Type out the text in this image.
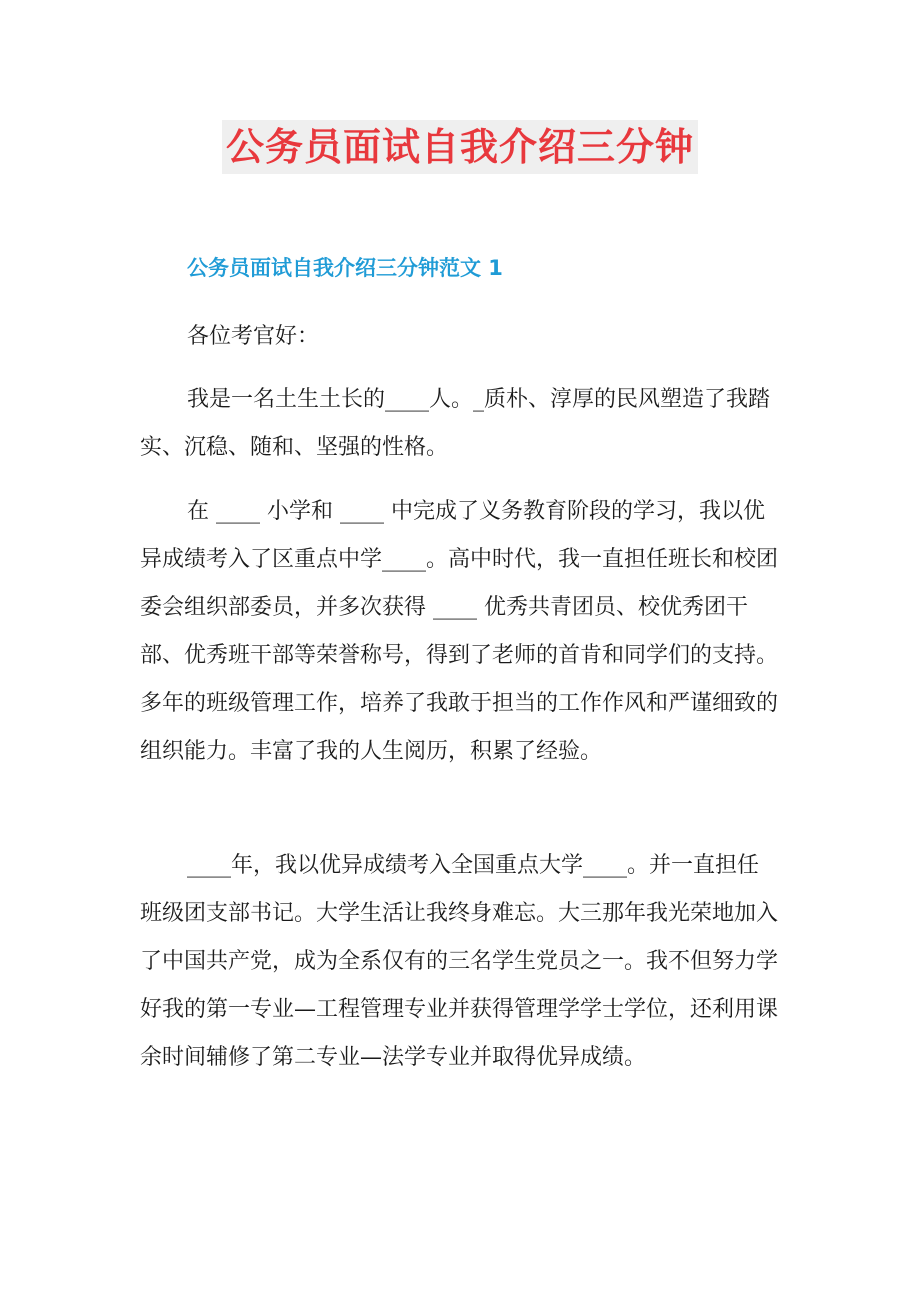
公务员面试自我介绍三分钟
公务员面试自我介绍三分钟范文 1

各位考官好：

我是一名土生土长的____人。_质朴、淳厚的民风塑造了我踏实、沉稳、随和、坚强的性格。

在 ____ 小学和 ____ 中完成了义务教育阶段的学习，我以优异成绩考入了区重点中学____。高中时代，我一直担任班长和校团委会组织部委员，并多次获得 ____ 优秀共青团员、校优秀团干部、优秀班干部等荣誉称号，得到了老师的首肯和同学们的支持。多年的班级管理工作，培养了我敢于担当的工作作风和严谨细致的组织能力。丰富了我的人生阅历，积累了经验。

____年，我以优异成绩考入全国重点大学____。并一直担任班级团支部书记。大学生活让我终身难忘。大三那年我光荣地加入了中国共产党，成为全系仅有的三名学生党员之一。我不但努力学好我的第一专业—工程管理专业并获得管理学学士学位，还利用课余时间辅修了第二专业—法学专业并取得优异成绩。
